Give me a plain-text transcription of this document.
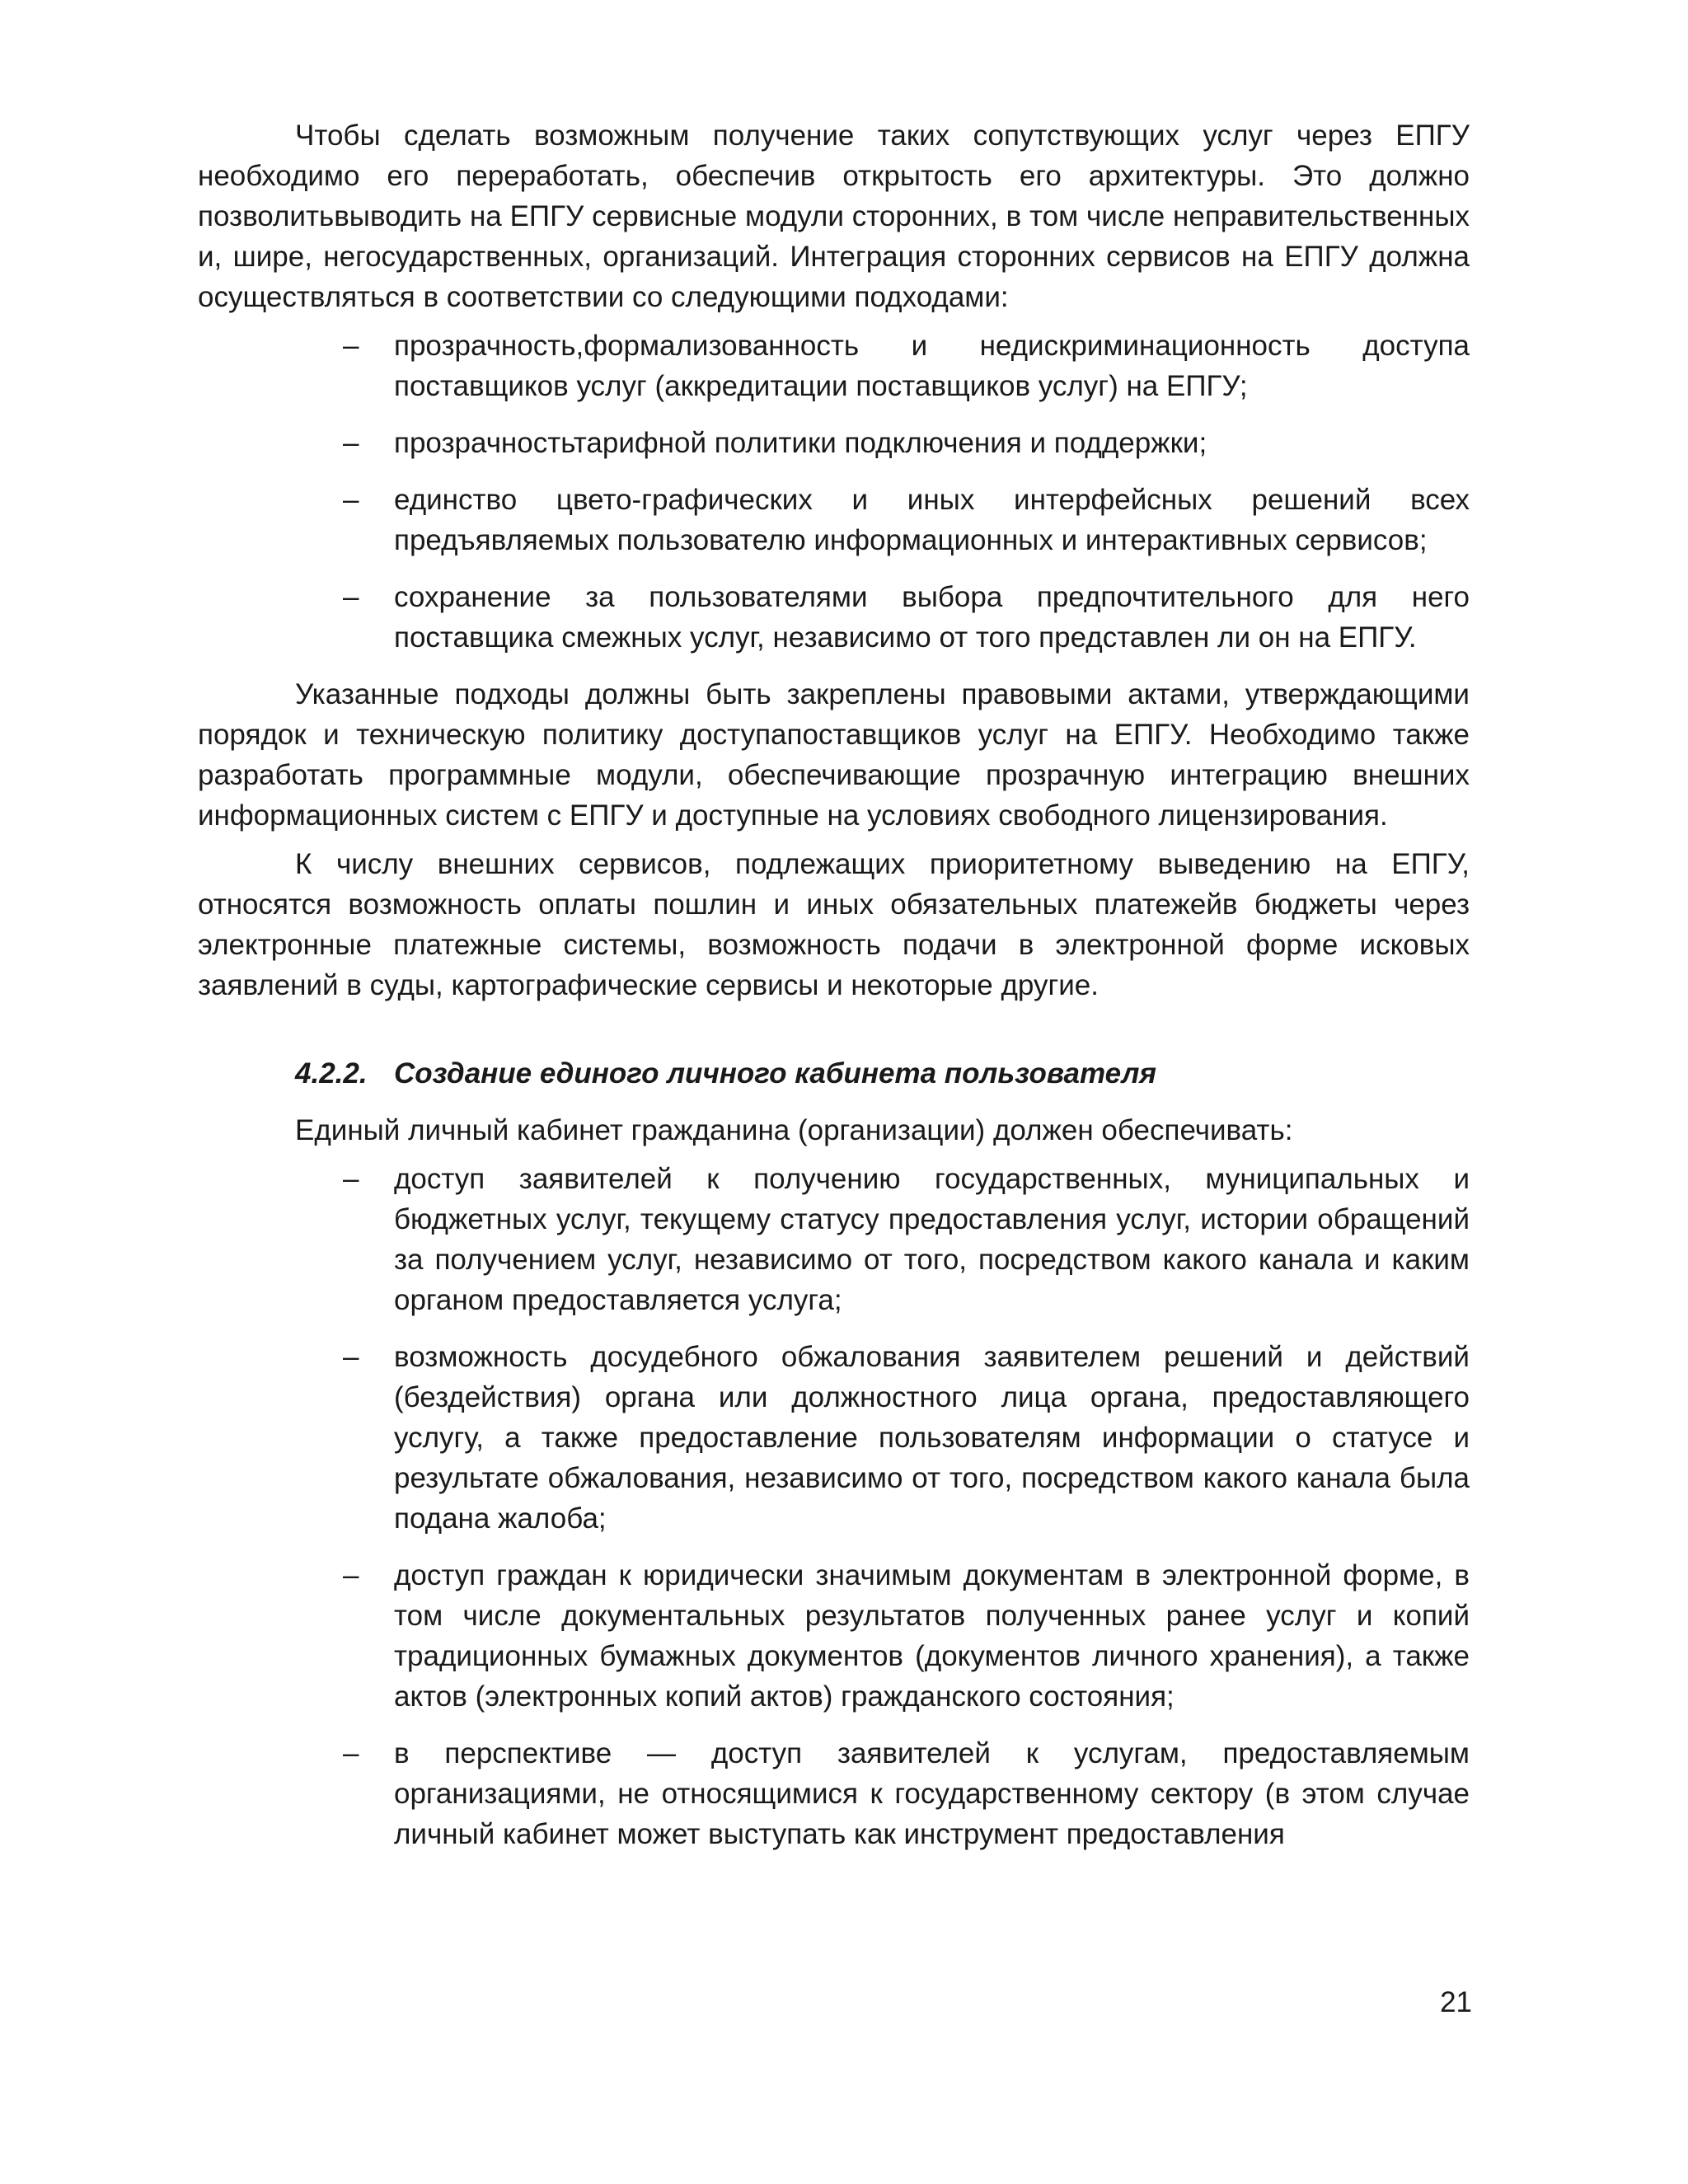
Чтобы сделать возможным получение таких сопутствующих услуг через ЕПГУ необходимо его переработать, обеспечив открытость его архитектуры. Это должно позволитьвыводить на ЕПГУ сервисные модули сторонних, в том числе неправительственных и, шире, негосударственных, организаций. Интеграция сторонних сервисов на ЕПГУ должна осуществляться в соответствии со следующими подходами:

– прозрачность,формализованность и недискриминационность доступа поставщиков услуг (аккредитации поставщиков услуг) на ЕПГУ;
– прозрачностьтарифной политики подключения и поддержки;
– единство цвето-графических и иных интерфейсных решений всех предъявляемых пользователю информационных и интерактивных сервисов;
– сохранение за пользователями выбора предпочтительного для него поставщика смежных услуг, независимо от того представлен ли он на ЕПГУ.

Указанные подходы должны быть закреплены правовыми актами, утверждающими порядок и техническую политику доступапоставщиков услуг на ЕПГУ. Необходимо также разработать программные модули, обеспечивающие прозрачную интеграцию внешних информационных систем с ЕПГУ и доступные на условиях свободного лицензирования.

К числу внешних сервисов, подлежащих приоритетному выведению на ЕПГУ, относятся возможность оплаты пошлин и иных обязательных платежейв бюджеты через электронные платежные системы, возможность подачи в электронной форме исковых заявлений в суды, картографические сервисы и некоторые другие.

4.2.2. Создание единого личного кабинета пользователя

Единый личный кабинет гражданина (организации) должен обеспечивать:

– доступ заявителей к получению государственных, муниципальных и бюджетных услуг, текущему статусу предоставления услуг, истории обращений за получением услуг, независимо от того, посредством какого канала и каким органом предоставляется услуга;
– возможность досудебного обжалования заявителем решений и действий (бездействия) органа или должностного лица органа, предоставляющего услугу, а также предоставление пользователям информации о статусе и результате обжалования, независимо от того, посредством какого канала была подана жалоба;
– доступ граждан к юридически значимым документам в электронной форме, в том числе документальных результатов полученных ранее услуг и копий традиционных бумажных документов (документов личного хранения), а также актов (электронных копий актов) гражданского состояния;
– в перспективе — доступ заявителей к услугам, предоставляемым организациями, не относящимися к государственному сектору (в этом случае личный кабинет может выступать как инструмент предоставления
21
